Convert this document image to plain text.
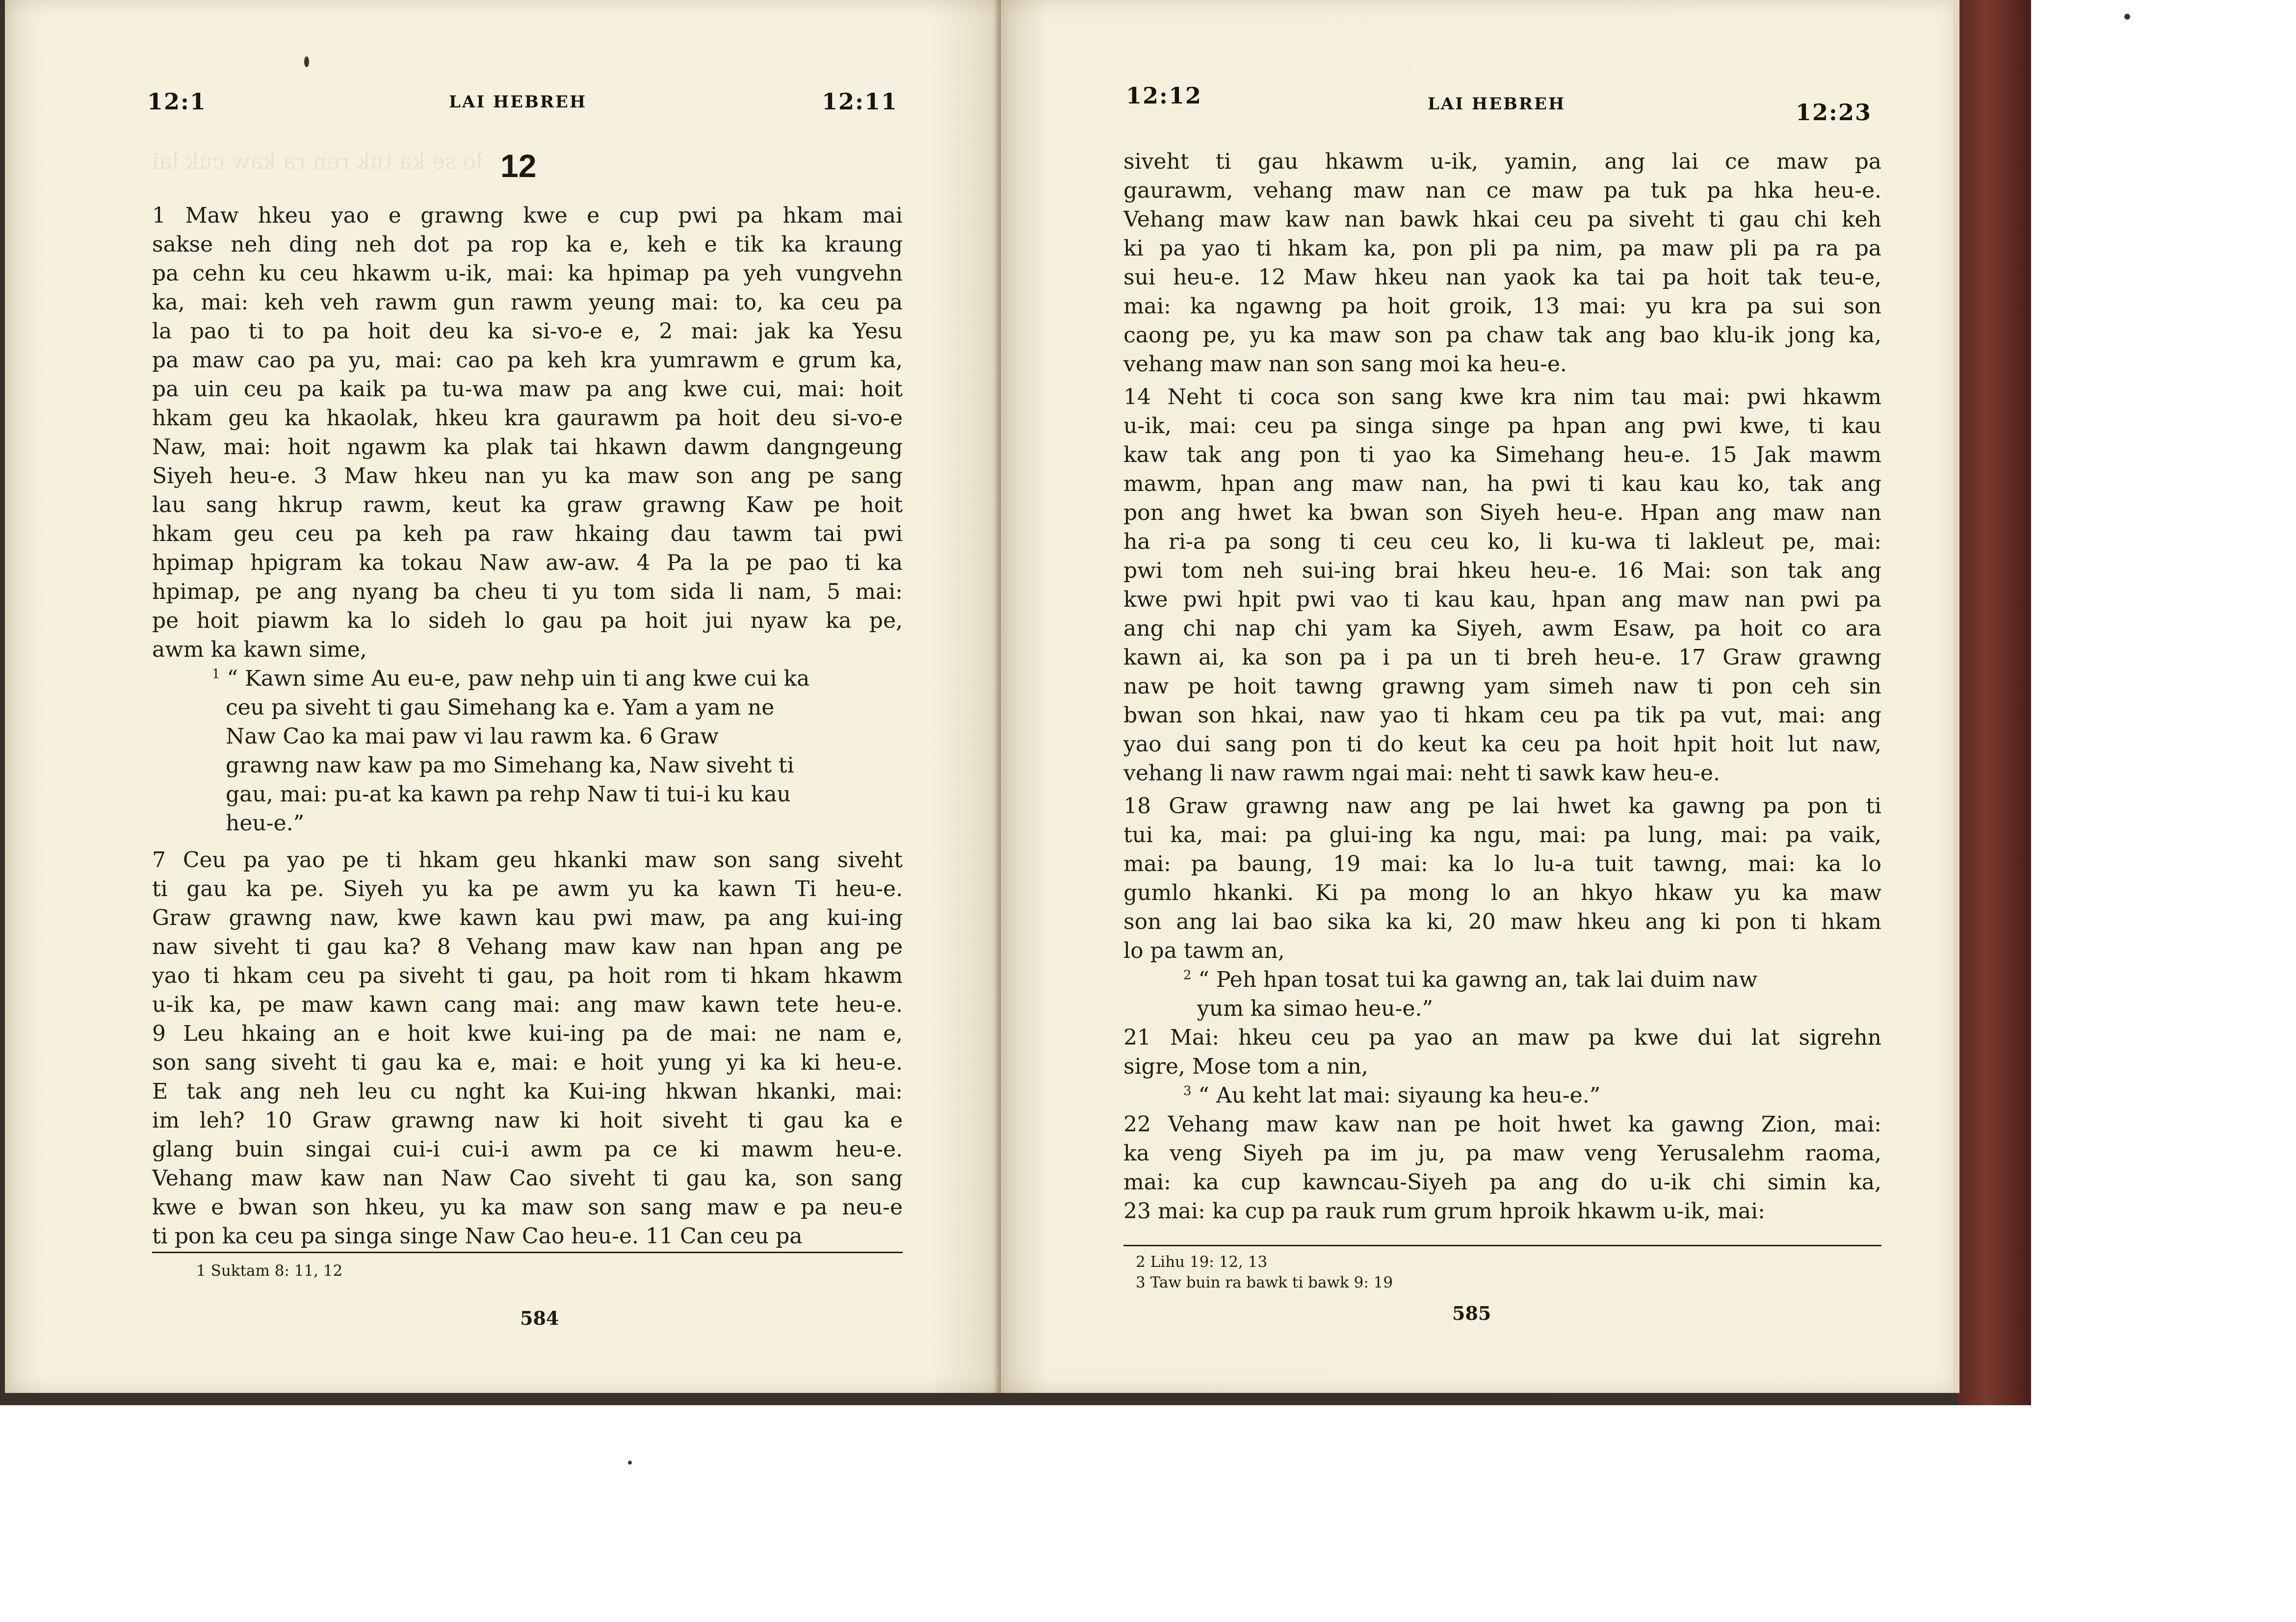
lo se ka tuk ren ra kaw cuk lai
12:1	LAI HEBREH	12:11
12
1 Maw hkeu yao e grawng kwe e cup pwi pa hkam mai
sakse neh ding neh dot pa rop ka e, keh e tik ka kraung
pa cehn ku ceu hkawm u-ik, mai: ka hpimap pa yeh vungvehn
ka, mai: keh veh rawm gun rawm yeung mai: to, ka ceu pa
la pao ti to pa hoit deu ka si-vo-e e, 2 mai: jak ka Yesu
pa maw cao pa yu, mai: cao pa keh kra yumrawm e grum ka,
pa uin ceu pa kaik pa tu-wa maw pa ang kwe cui, mai: hoit
hkam geu ka hkaolak, hkeu kra gaurawm pa hoit deu si-vo-e
Naw, mai: hoit ngawm ka plak tai hkawn dawm dangngeung
Siyeh heu-e. 3 Maw hkeu nan yu ka maw son ang pe sang
lau sang hkrup rawm, keut ka graw grawng Kaw pe hoit
hkam geu ceu pa keh pa raw hkaing dau tawm tai pwi
hpimap hpigram ka tokau Naw aw-aw. 4 Pa la pe pao ti ka
hpimap, pe ang nyang ba cheu ti yu tom sida li nam, 5 mai:
pe hoit piawm ka lo sideh lo gau pa hoit jui nyaw ka pe,
awm ka kawn sime,
$^1$ “ Kawn sime Au eu-e, paw nehp uin ti ang kwe cui ka
ceu pa siveht ti gau Simehang ka e. Yam a yam ne
Naw Cao ka mai paw vi lau rawm ka. 6 Graw
grawng naw kaw pa mo Simehang ka, Naw siveht ti
gau, mai: pu-at ka kawn pa rehp Naw ti tui-i ku kau
heu-e.”
7 Ceu pa yao pe ti hkam geu hkanki maw son sang siveht
ti gau ka pe. Siyeh yu ka pe awm yu ka kawn Ti heu-e.
Graw grawng naw, kwe kawn kau pwi maw, pa ang kui-ing
naw siveht ti gau ka? 8 Vehang maw kaw nan hpan ang pe
yao ti hkam ceu pa siveht ti gau, pa hoit rom ti hkam hkawm
u-ik ka, pe maw kawn cang mai: ang maw kawn tete heu-e.
9 Leu hkaing an e hoit kwe kui-ing pa de mai: ne nam e,
son sang siveht ti gau ka e, mai: e hoit yung yi ka ki heu-e.
E tak ang neh leu cu nght ka Kui-ing hkwan hkanki, mai:
im leh? 10 Graw grawng naw ki hoit siveht ti gau ka e
glang buin singai cui-i cui-i awm pa ce ki mawm heu-e.
Vehang maw kaw nan Naw Cao siveht ti gau ka, son sang
kwe e bwan son hkeu, yu ka maw son sang maw e pa neu-e
ti pon ka ceu pa singa singe Naw Cao heu-e. 11 Can ceu pa
1 Suktam 8: 11, 12
584
12:12	LAI HEBREH	12:23
siveht ti gau hkawm u-ik, yamin, ang lai ce maw pa
gaurawm, vehang maw nan ce maw pa tuk pa hka heu-e.
Vehang maw kaw nan bawk hkai ceu pa siveht ti gau chi keh
ki pa yao ti hkam ka, pon pli pa nim, pa maw pli pa ra pa
sui heu-e. 12 Maw hkeu nan yaok ka tai pa hoit tak teu-e,
mai: ka ngawng pa hoit groik, 13 mai: yu kra pa sui son
caong pe, yu ka maw son pa chaw tak ang bao klu-ik jong ka,
vehang maw nan son sang moi ka heu-e.
14 Neht ti coca son sang kwe kra nim tau mai: pwi hkawm
u-ik, mai: ceu pa singa singe pa hpan ang pwi kwe, ti kau
kaw tak ang pon ti yao ka Simehang heu-e. 15 Jak mawm
mawm, hpan ang maw nan, ha pwi ti kau kau ko, tak ang
pon ang hwet ka bwan son Siyeh heu-e. Hpan ang maw nan
ha ri-a pa song ti ceu ceu ko, li ku-wa ti lakleut pe, mai:
pwi tom neh sui-ing brai hkeu heu-e. 16 Mai: son tak ang
kwe pwi hpit pwi vao ti kau kau, hpan ang maw nan pwi pa
ang chi nap chi yam ka Siyeh, awm Esaw, pa hoit co ara
kawn ai, ka son pa i pa un ti breh heu-e. 17 Graw grawng
naw pe hoit tawng grawng yam simeh naw ti pon ceh sin
bwan son hkai, naw yao ti hkam ceu pa tik pa vut, mai: ang
yao dui sang pon ti do keut ka ceu pa hoit hpit hoit lut naw,
vehang li naw rawm ngai mai: neht ti sawk kaw heu-e.
18 Graw grawng naw ang pe lai hwet ka gawng pa pon ti
tui ka, mai: pa glui-ing ka ngu, mai: pa lung, mai: pa vaik,
mai: pa baung, 19 mai: ka lo lu-a tuit tawng, mai: ka lo
gumlo hkanki. Ki pa mong lo an hkyo hkaw yu ka maw
son ang lai bao sika ka ki, 20 maw hkeu ang ki pon ti hkam
lo pa tawm an,
$^2$ “ Peh hpan tosat tui ka gawng an, tak lai duim naw
yum ka simao heu-e.”
21 Mai: hkeu ceu pa yao an maw pa kwe dui lat sigrehn
sigre, Mose tom a nin,
$^3$ “ Au keht lat mai: siyaung ka heu-e.”
22 Vehang maw kaw nan pe hoit hwet ka gawng Zion, mai:
ka veng Siyeh pa im ju, pa maw veng Yerusalehm raoma,
mai: ka cup kawncau-Siyeh pa ang do u-ik chi simin ka,
23 mai: ka cup pa rauk rum grum hproik hkawm u-ik, mai:
2 Lihu 19: 12, 13
3 Taw buin ra bawk ti bawk 9: 19
585
